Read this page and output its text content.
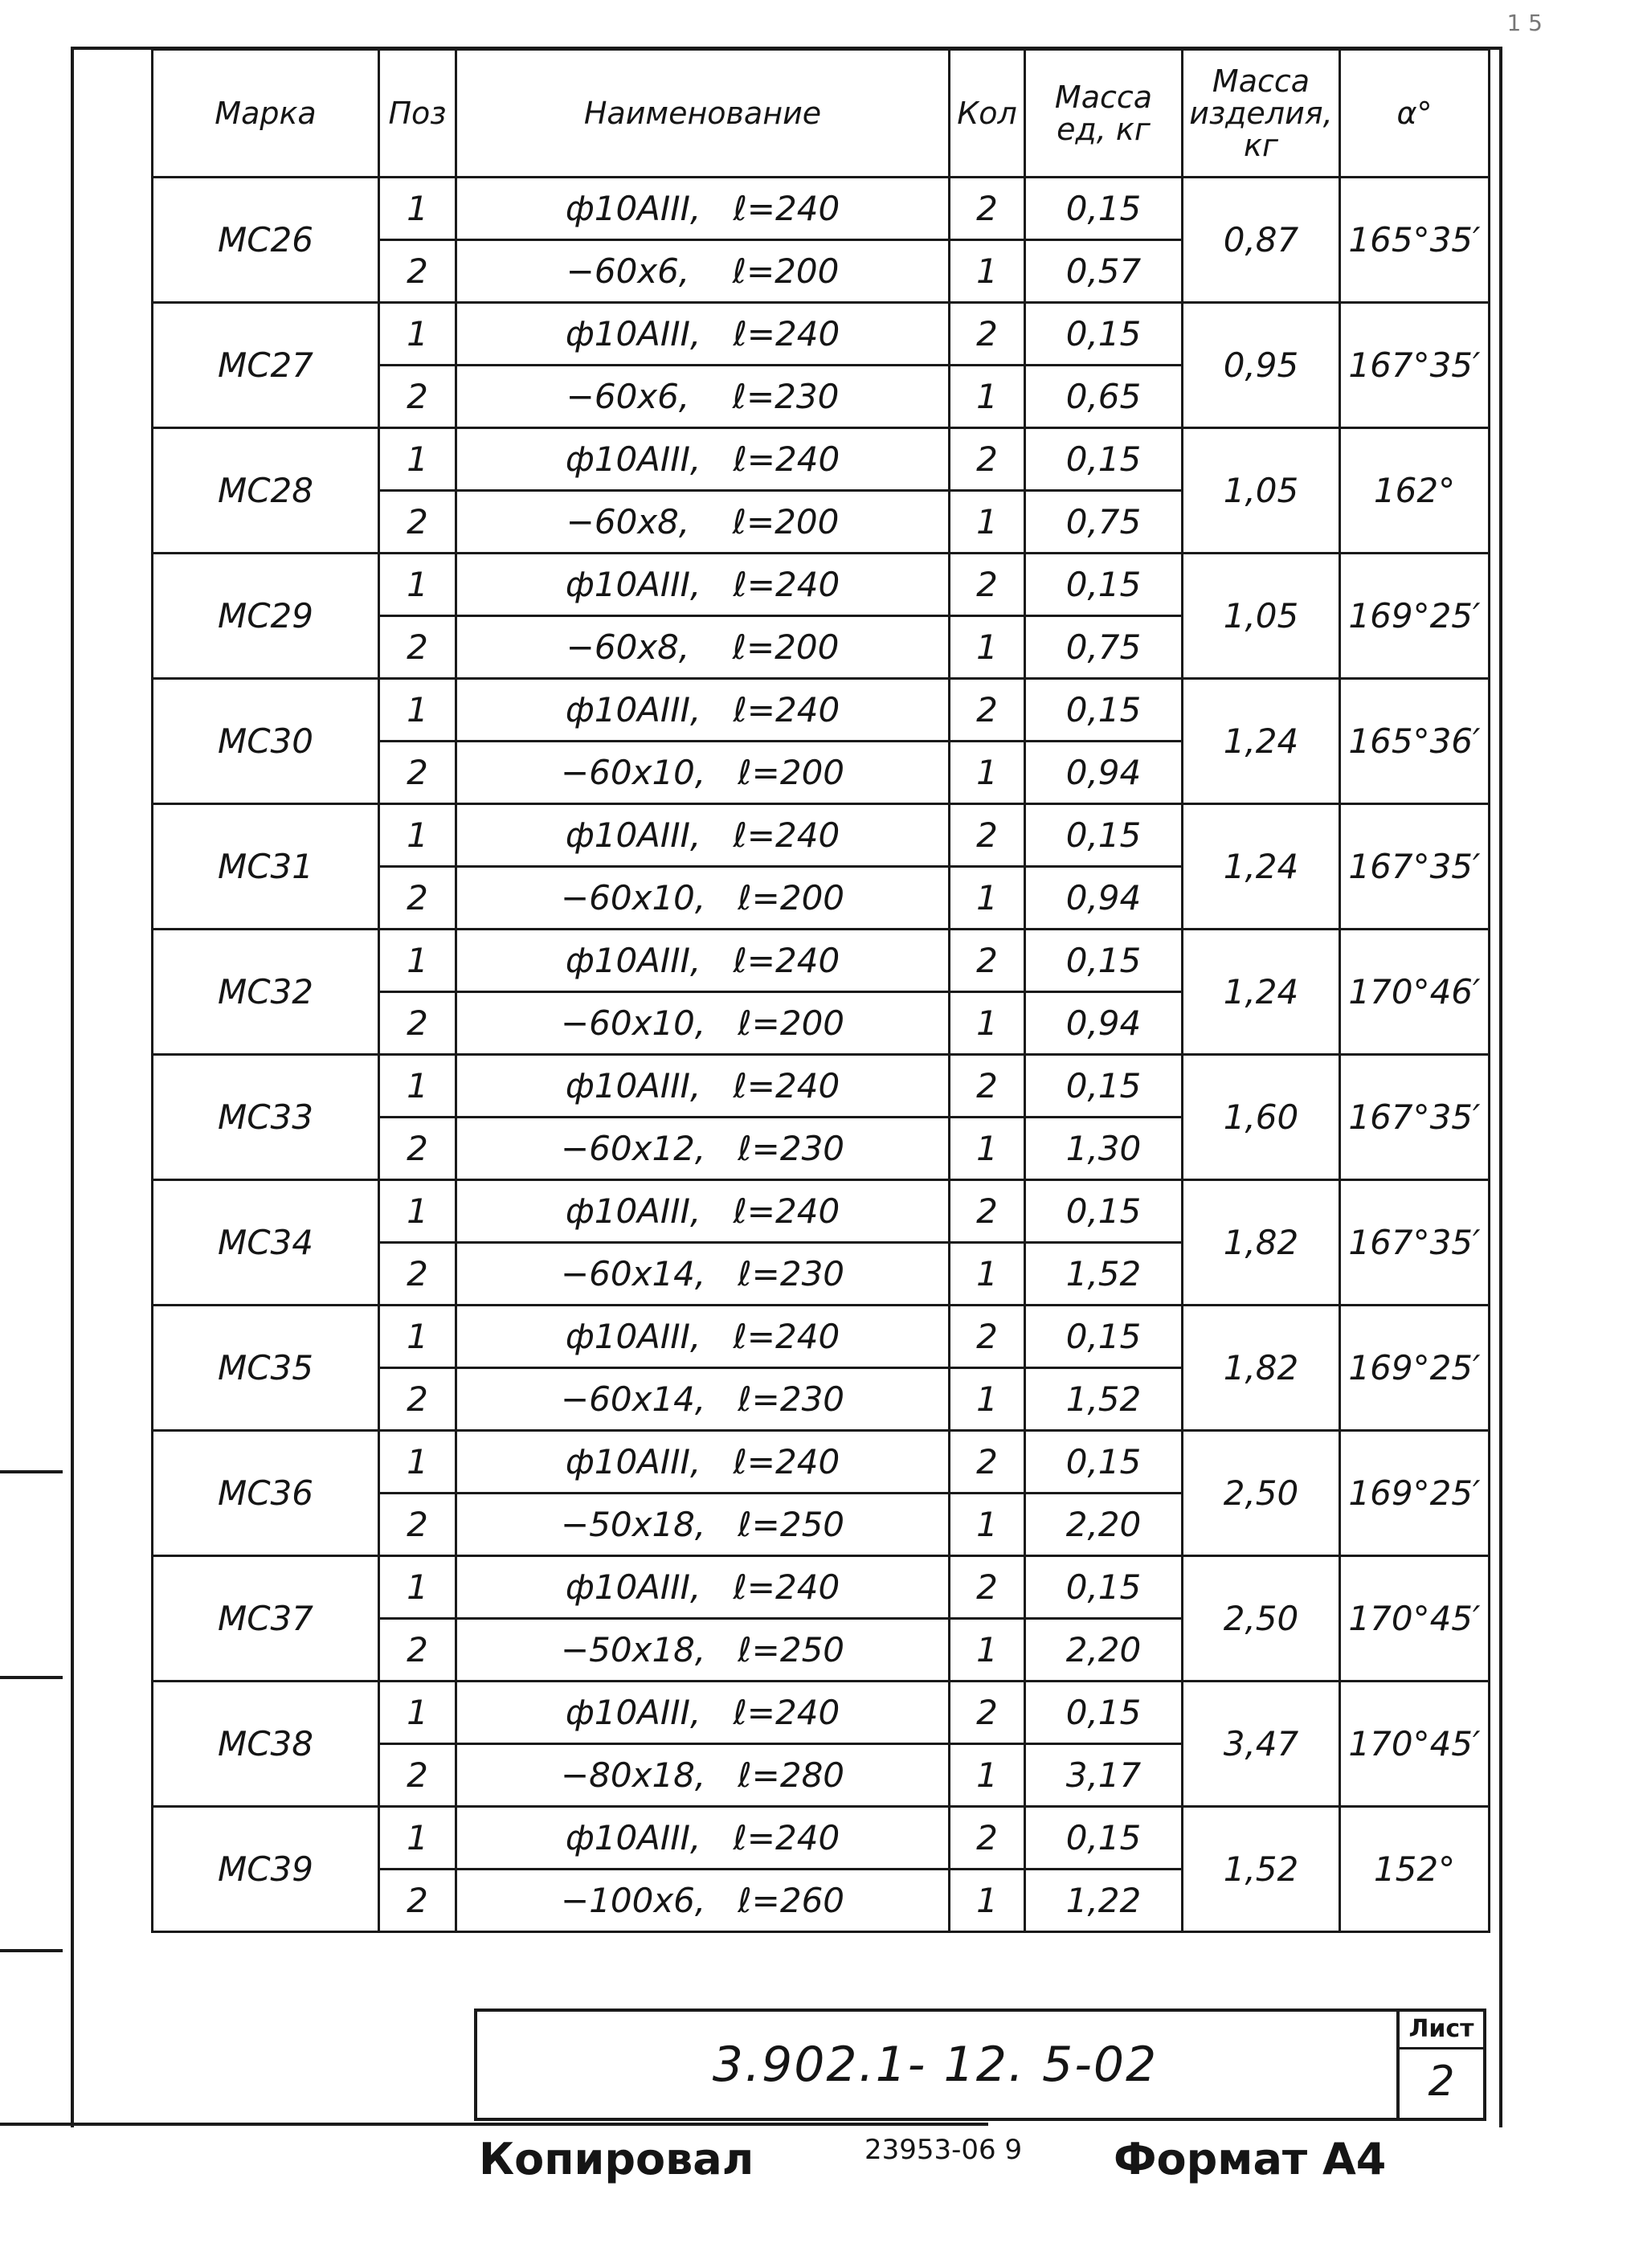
1 5
Марка	Поз	Наименование	Кол	Масса ед, кг	Масса изделия, кг	α°
МС26	1	ф10АIII,   ℓ=240	2	0,15	0,87	165°35′
	2	−60x6,    ℓ=200	1	0,57		
МС27	1	ф10АIII,   ℓ=240	2	0,15	0,95	167°35′
	2	−60x6,    ℓ=230	1	0,65		
МС28	1	ф10АIII,   ℓ=240	2	0,15	1,05	162°
	2	−60x8,    ℓ=200	1	0,75		
МС29	1	ф10АIII,   ℓ=240	2	0,15	1,05	169°25′
	2	−60x8,    ℓ=200	1	0,75		
МС30	1	ф10АIII,   ℓ=240	2	0,15	1,24	165°36′
	2	−60x10,   ℓ=200	1	0,94		
МС31	1	ф10АIII,   ℓ=240	2	0,15	1,24	167°35′
	2	−60x10,   ℓ=200	1	0,94		
МС32	1	ф10АIII,   ℓ=240	2	0,15	1,24	170°46′
	2	−60x10,   ℓ=200	1	0,94		
МС33	1	ф10АIII,   ℓ=240	2	0,15	1,60	167°35′
	2	−60x12,   ℓ=230	1	1,30		
МС34	1	ф10АIII,   ℓ=240	2	0,15	1,82	167°35′
	2	−60x14,   ℓ=230	1	1,52		
МС35	1	ф10АIII,   ℓ=240	2	0,15	1,82	169°25′
	2	−60x14,   ℓ=230	1	1,52		
МС36	1	ф10АIII,   ℓ=240	2	0,15	2,50	169°25′
	2	−50x18,   ℓ=250	1	2,20		
МС37	1	ф10АIII,   ℓ=240	2	0,15	2,50	170°45′
	2	−50x18,   ℓ=250	1	2,20		
МС38	1	ф10АIII,   ℓ=240	2	0,15	3,47	170°45′
	2	−80x18,   ℓ=280	1	3,17		
МС39	1	ф10АIII,   ℓ=240	2	0,15	1,52	152°
	2	−100x6,   ℓ=260	1	1,22		
3.902.1- 12. 5-02
Лист
2
Копировал	23953-06 9 Формат А4
